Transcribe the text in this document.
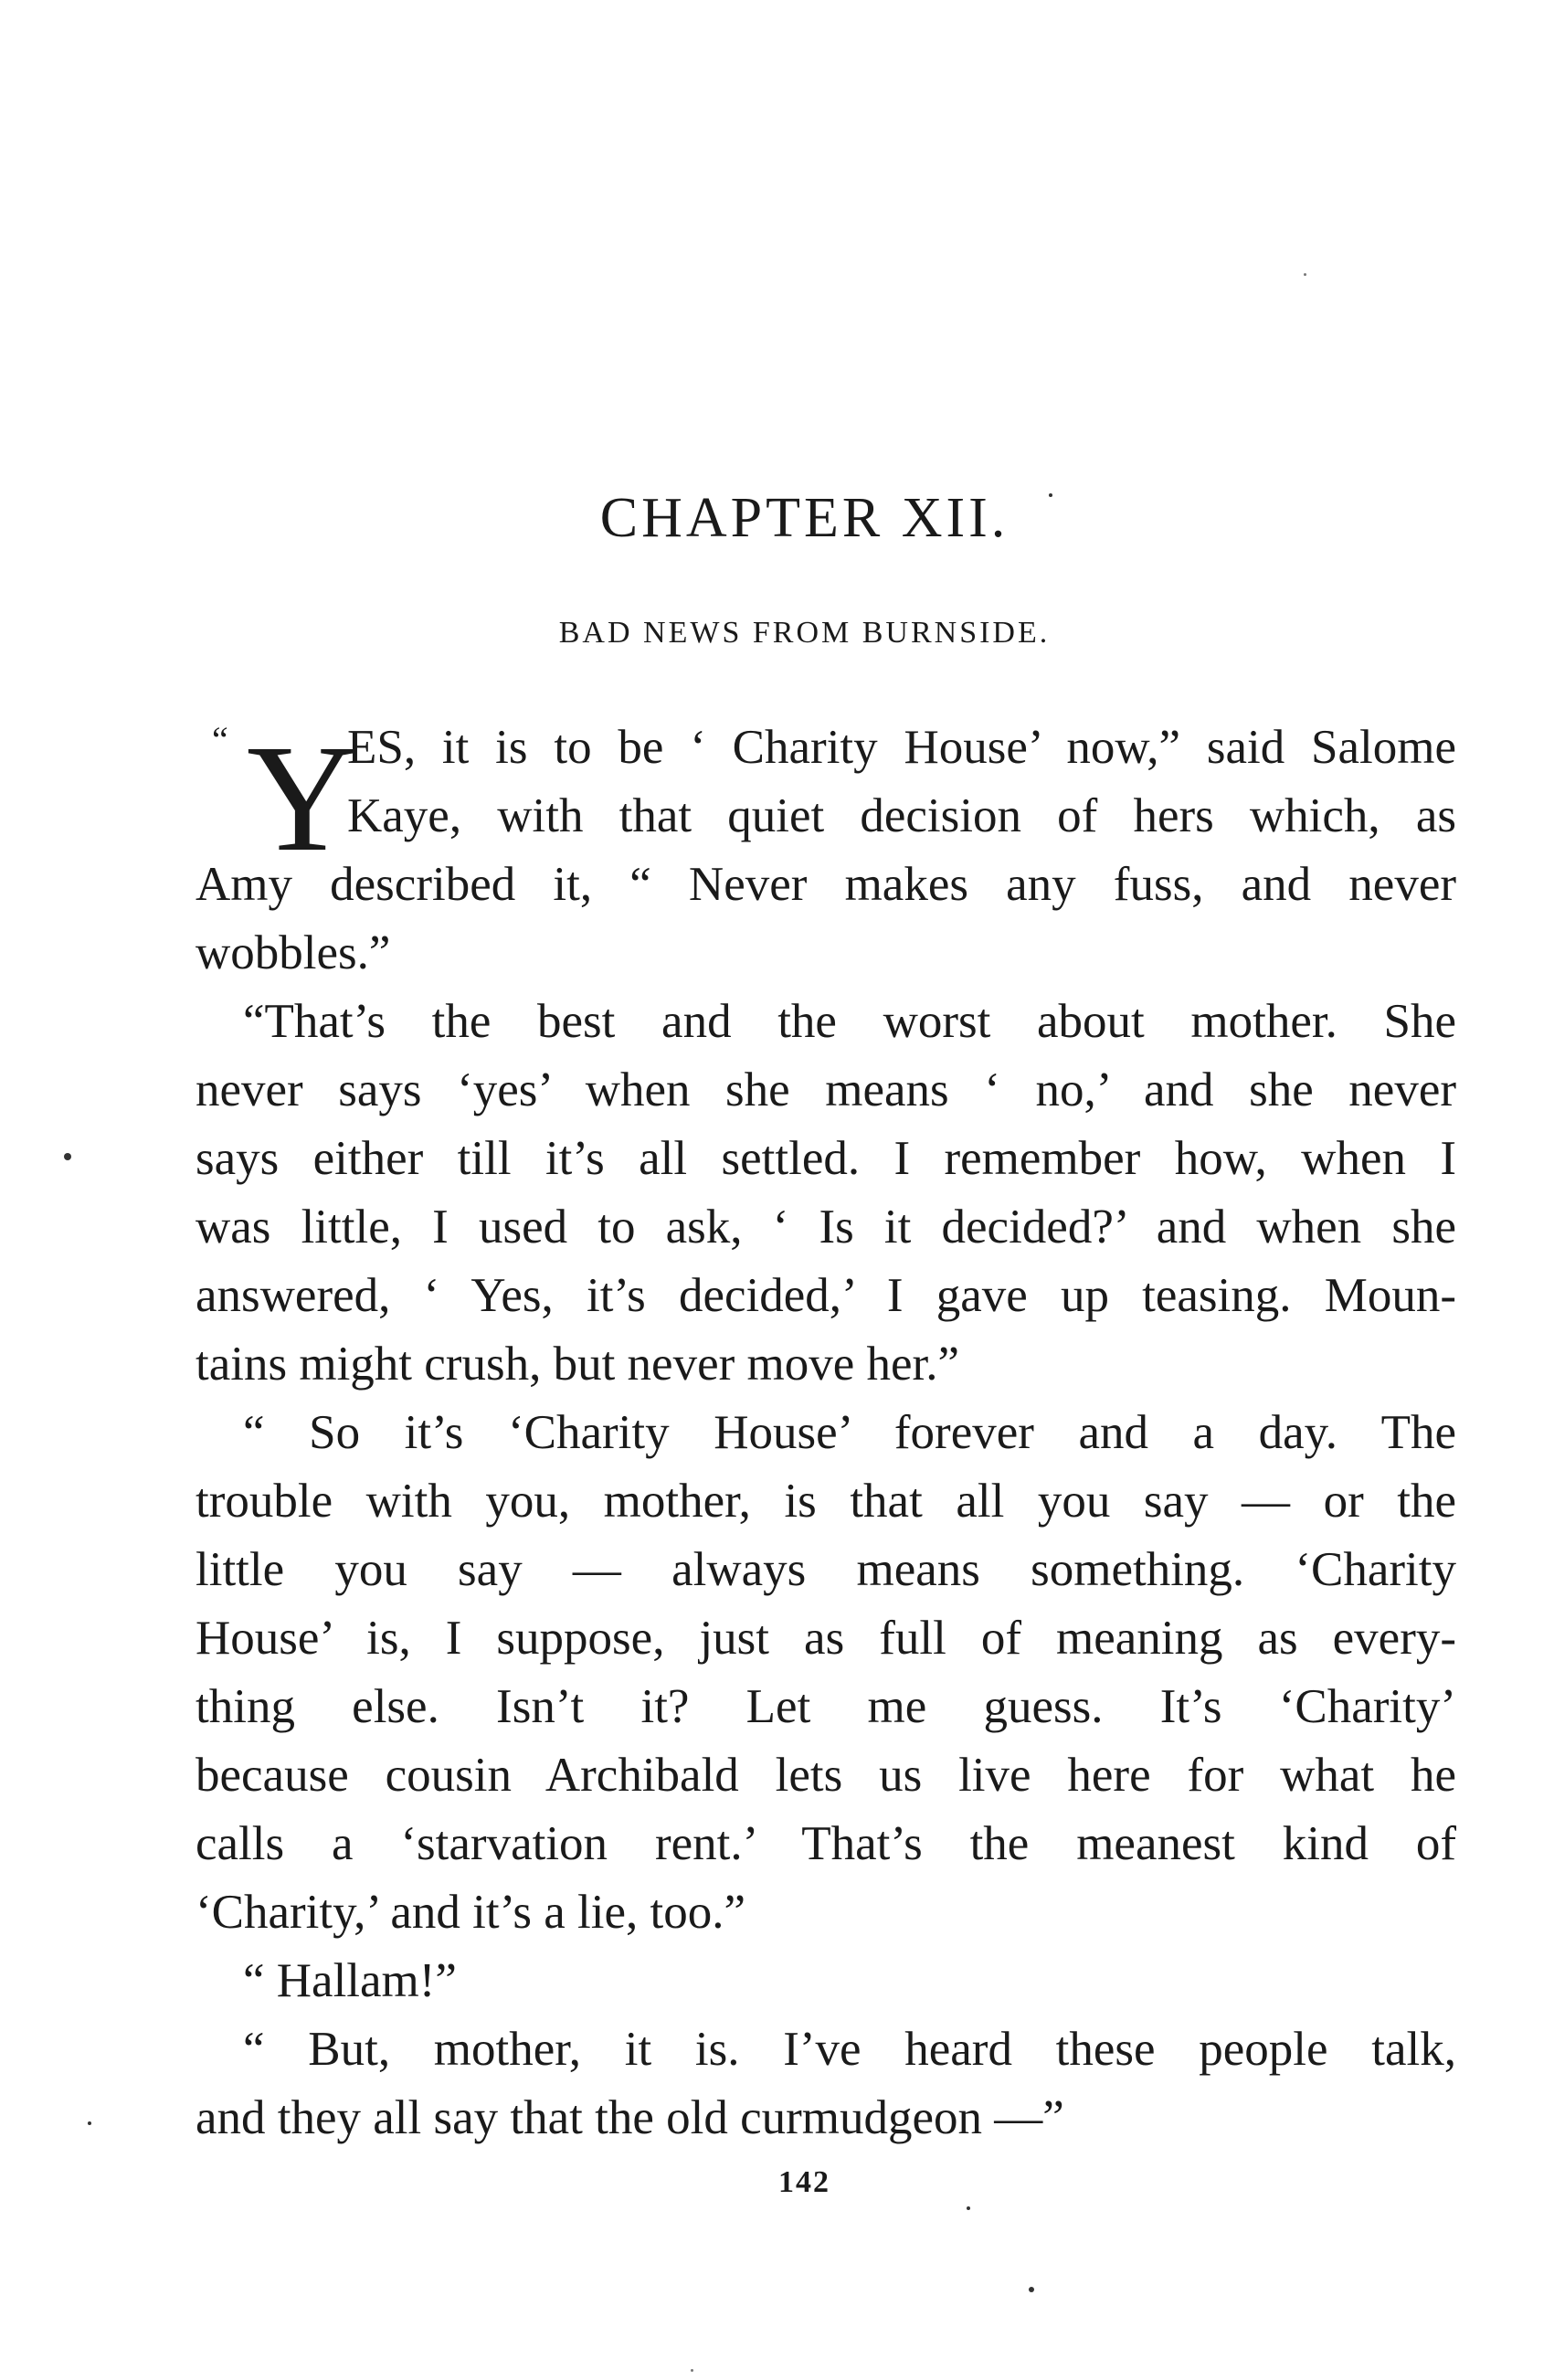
CHAPTER XII.
BAD NEWS FROM BURNSIDE.
“ Y
ES, it is to be ‘ Charity House’ now,” said Salome
Kaye, with that quiet decision of hers which, as
Amy described it, “ Never makes any fuss, and never
wobbles.”
“That’s the best and the worst about mother. She
never says ‘yes’ when she means ‘ no,’ and she never
says either till it’s all settled. I remember how, when I
was little, I used to ask, ‘ Is it decided?’ and when she
answered, ‘ Yes, it’s decided,’ I gave up teasing. Moun-
tains might crush, but never move her.”
“ So it’s ‘Charity House’ forever and a day. The
trouble with you, mother, is that all you say — or the
little you say — always means something. ‘Charity
House’ is, I suppose, just as full of meaning as every-
thing else. Isn’t it? Let me guess. It’s ‘Charity’
because cousin Archibald lets us live here for what he
calls a ‘starvation rent.’ That’s the meanest kind of
‘Charity,’ and it’s a lie, too.”
“ Hallam!”
“ But, mother, it is. I’ve heard these people talk,
and they all say that the old curmudgeon —”
142
